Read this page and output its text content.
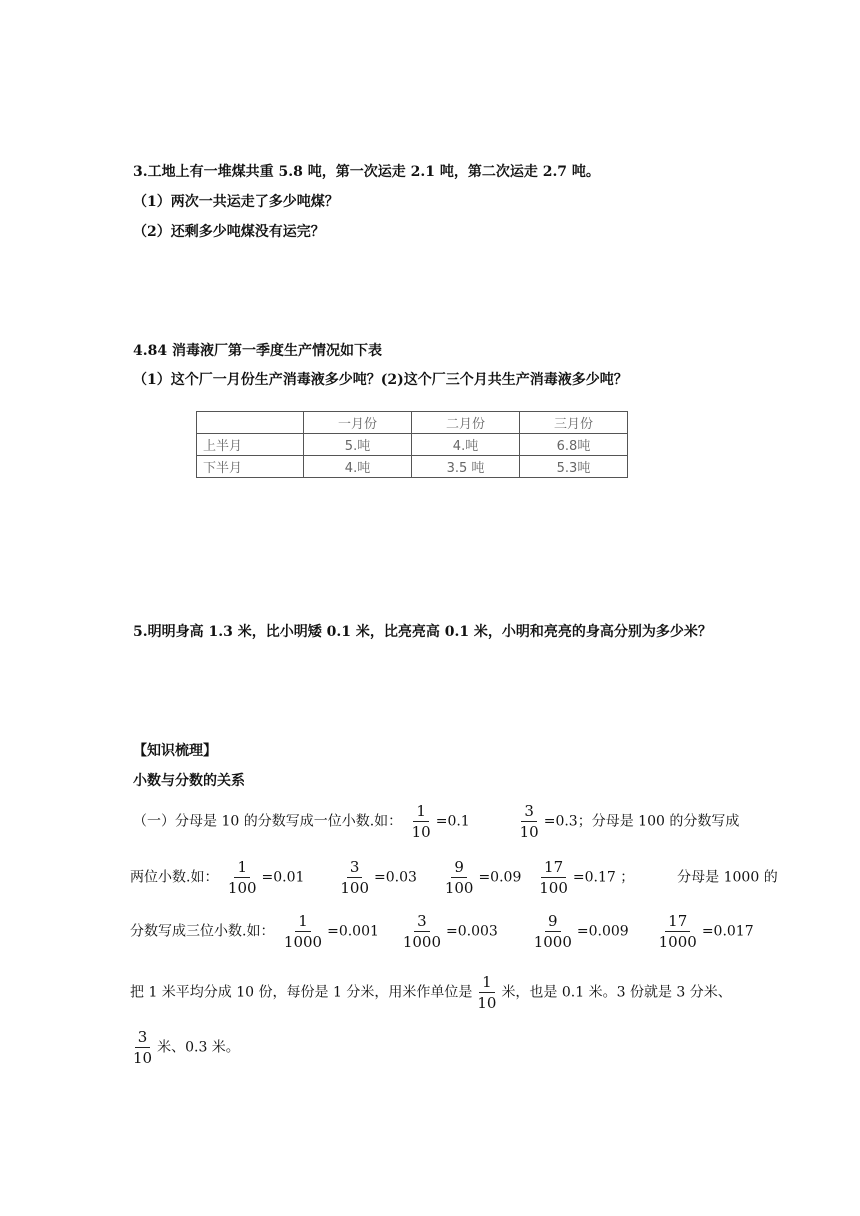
3.工地上有一堆煤共重 5.8 吨，第一次运走 2.1 吨，第二次运走 2.7 吨。
（1）两次一共运走了多少吨煤？
（2）还剩多少吨煤没有运完？
4.84 消毒液厂第一季度生产情况如下表
（1）这个厂一月份生产消毒液多少吨？(2)这个厂三个月共生产消毒液多少吨？
	一月份	二月份	三月份
上半月	5.吨	4.吨	6.8吨
下半月	4.吨	3.5 吨	5.3吨
5.明明身高 1.3 米，比小明矮 0.1 米，比亮亮高 0.1 米，小明和亮亮的身高分别为多少米？
【知识梳理】
小数与分数的关系
（一）分母是 10 的分数写成一位小数.如： $\frac{1}{10} =0.1$	$\frac{3}{10} =0.3$；分母是 100 的分数写成
两位小数.如： $\frac{1}{100} =0.01 \frac{3}{100} =0.03 \frac{9}{100} =0.09 \frac{17}{100} =0.17$ ；	分母是 1000 的
分数写成三位小数.如： $\frac{1}{1000} =0.001 \frac{3}{1000} =0.003 \frac{9}{1000} =0.009 \frac{17}{1000} =0.017$
把 1 米平均分成 10 份，每份是 1 分米，用米作单位是 $\frac{1}{10}$ 米，也是 0.1 米。3 份就是 3 分米、
$\frac{3}{10}$ 米、0.3 米。
